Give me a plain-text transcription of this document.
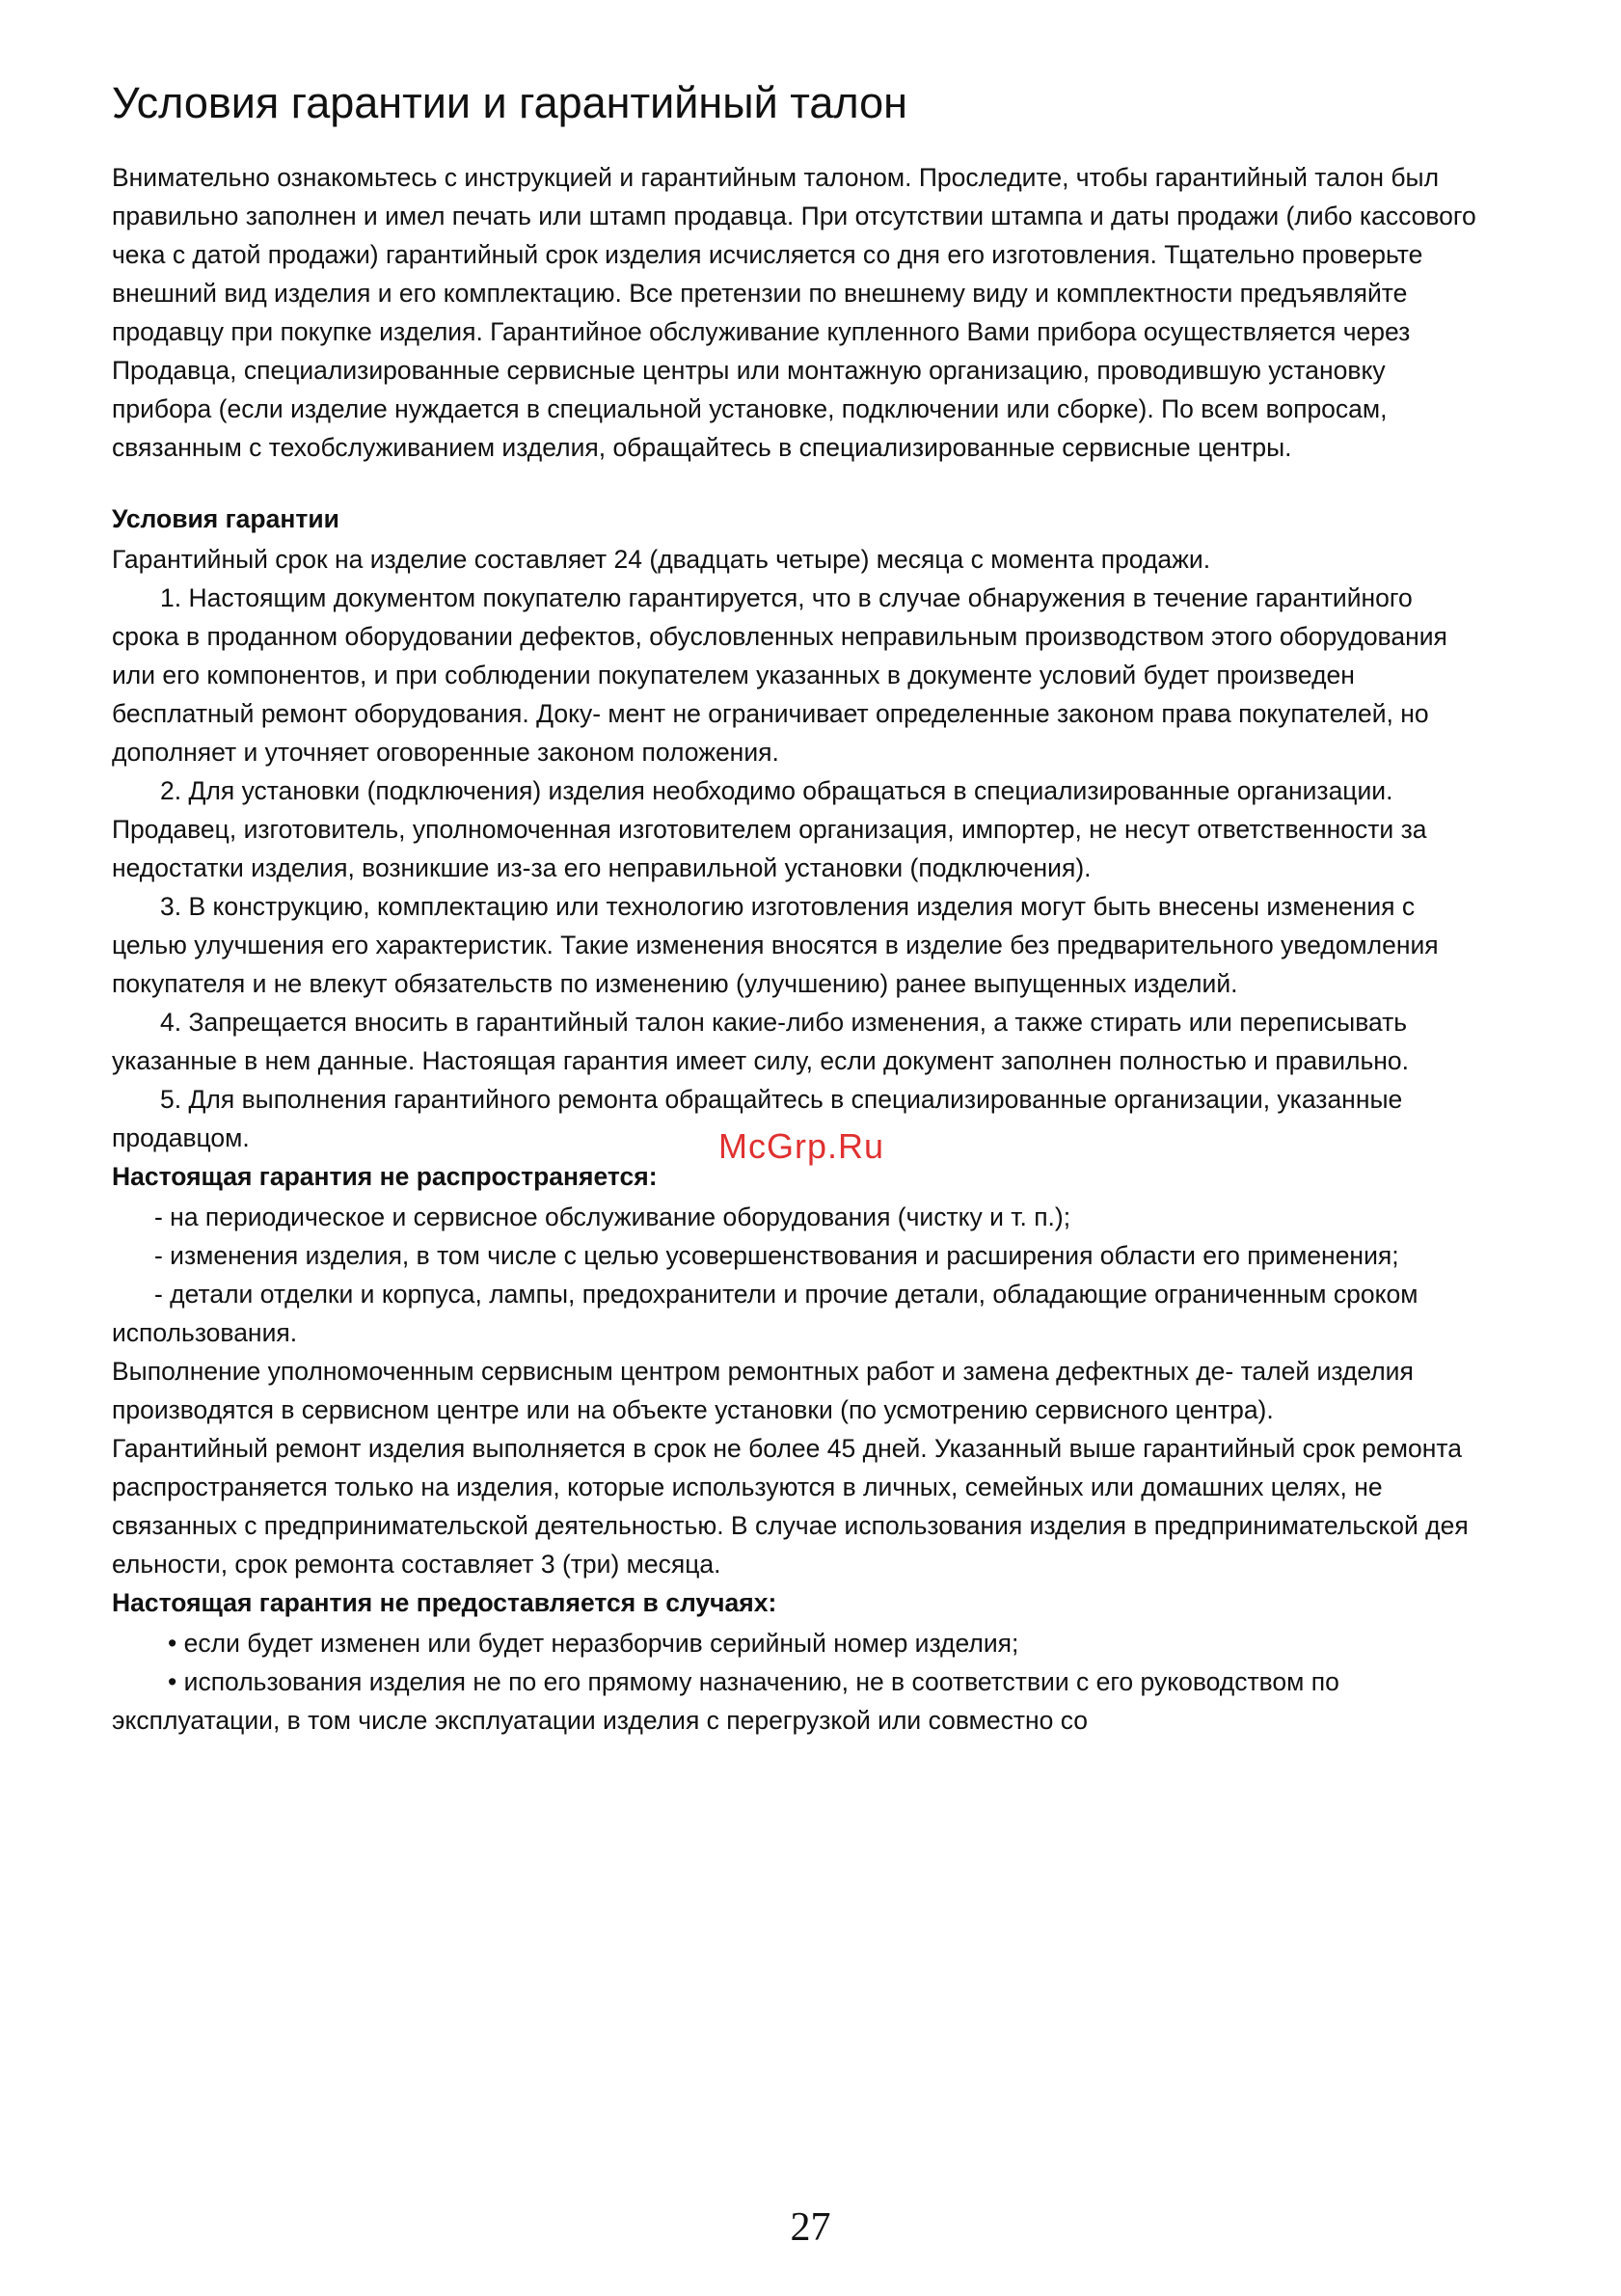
Условия гарантии и гарантийный талон

Внимательно ознакомьтесь с инструкцией и гарантийным талоном. Проследите, чтобы гарантийный талон был правильно заполнен и имел печать или штамп продавца. При отсутствии штампа и даты продажи (либо кассового чека с датой продажи) гарантийный срок изделия исчисляется со дня его изготовления. Тщательно проверьте внешний вид изделия и его комплектацию. Все претензии по внешнему виду и комплектности предъявляйте продавцу при покупке изделия. Гарантийное обслуживание купленного Вами прибора осуществляется через Продавца, специализированные сервисные центры или монтажную организацию, проводившую установку прибора (если изделие нуждается в специальной установке, подключении или сборке). По всем вопросам, связанным с техобслуживанием изделия, обращайтесь в специализированные сервисные центры.

Условия гарантии

Гарантийный срок на изделие составляет 24 (двадцать четыре) месяца с момента продажи.

1. Настоящим документом покупателю гарантируется, что в случае обнаружения в течение гарантийного срока в проданном оборудовании дефектов, обусловленных неправильным производством этого оборудования или его компонентов, и при соблюдении покупателем указанных в документе условий будет произведен бесплатный ремонт оборудования. Доку- мент не ограничивает определенные законом права покупателей, но дополняет и уточняет оговоренные законом положения.

2. Для установки (подключения) изделия необходимо обращаться в специализированные организации. Продавец, изготовитель, уполномоченная изготовителем организация, импортер, не несут ответственности за недостатки изделия, возникшие из-за его неправильной установки (подключения).

3. В конструкцию, комплектацию или технологию изготовления изделия могут быть внесены изменения с целью улучшения его характеристик. Такие изменения вносятся в изделие без предварительного уведомления покупателя и не влекут обязательств по изменению (улучшению) ранее выпущенных изделий.

4. Запрещается вносить в гарантийный талон какие-либо изменения, а также стирать или переписывать указанные в нем данные. Настоящая гарантия имеет силу, если документ заполнен полностью и правильно.

5. Для выполнения гарантийного ремонта обращайтесь в специализированные организации, указанные продавцом.

Настоящая гарантия не распространяется:

- на периодическое и сервисное обслуживание оборудования (чистку и т. п.);

- изменения изделия, в том числе с целью усовершенствования и расширения области его применения;

- детали отделки и корпуса, лампы, предохранители и прочие детали, обладающие ограниченным сроком использования.

Выполнение уполномоченным сервисным центром ремонтных работ и замена дефектных де- талей изделия производятся в сервисном центре или на объекте установки (по усмотрению сервисного центра).

Гарантийный ремонт изделия выполняется в срок не более 45 дней. Указанный выше гарантийный срок ремонта распространяется только на изделия, которые используются в личных, семейных или домашних целях, не связанных с предпринимательской деятельностью. В случае использования изделия в предпринимательской дея ельности, срок ремонта составляет 3 (три) месяца.

Настоящая гарантия не предоставляется в случаях:

• если будет изменен или будет неразборчив серийный номер изделия;

• использования изделия не по его прямому назначению, не в соответствии с его руководством по эксплуатации, в том числе эксплуатации изделия с перегрузкой или совместно со

McGrp.Ru
27
